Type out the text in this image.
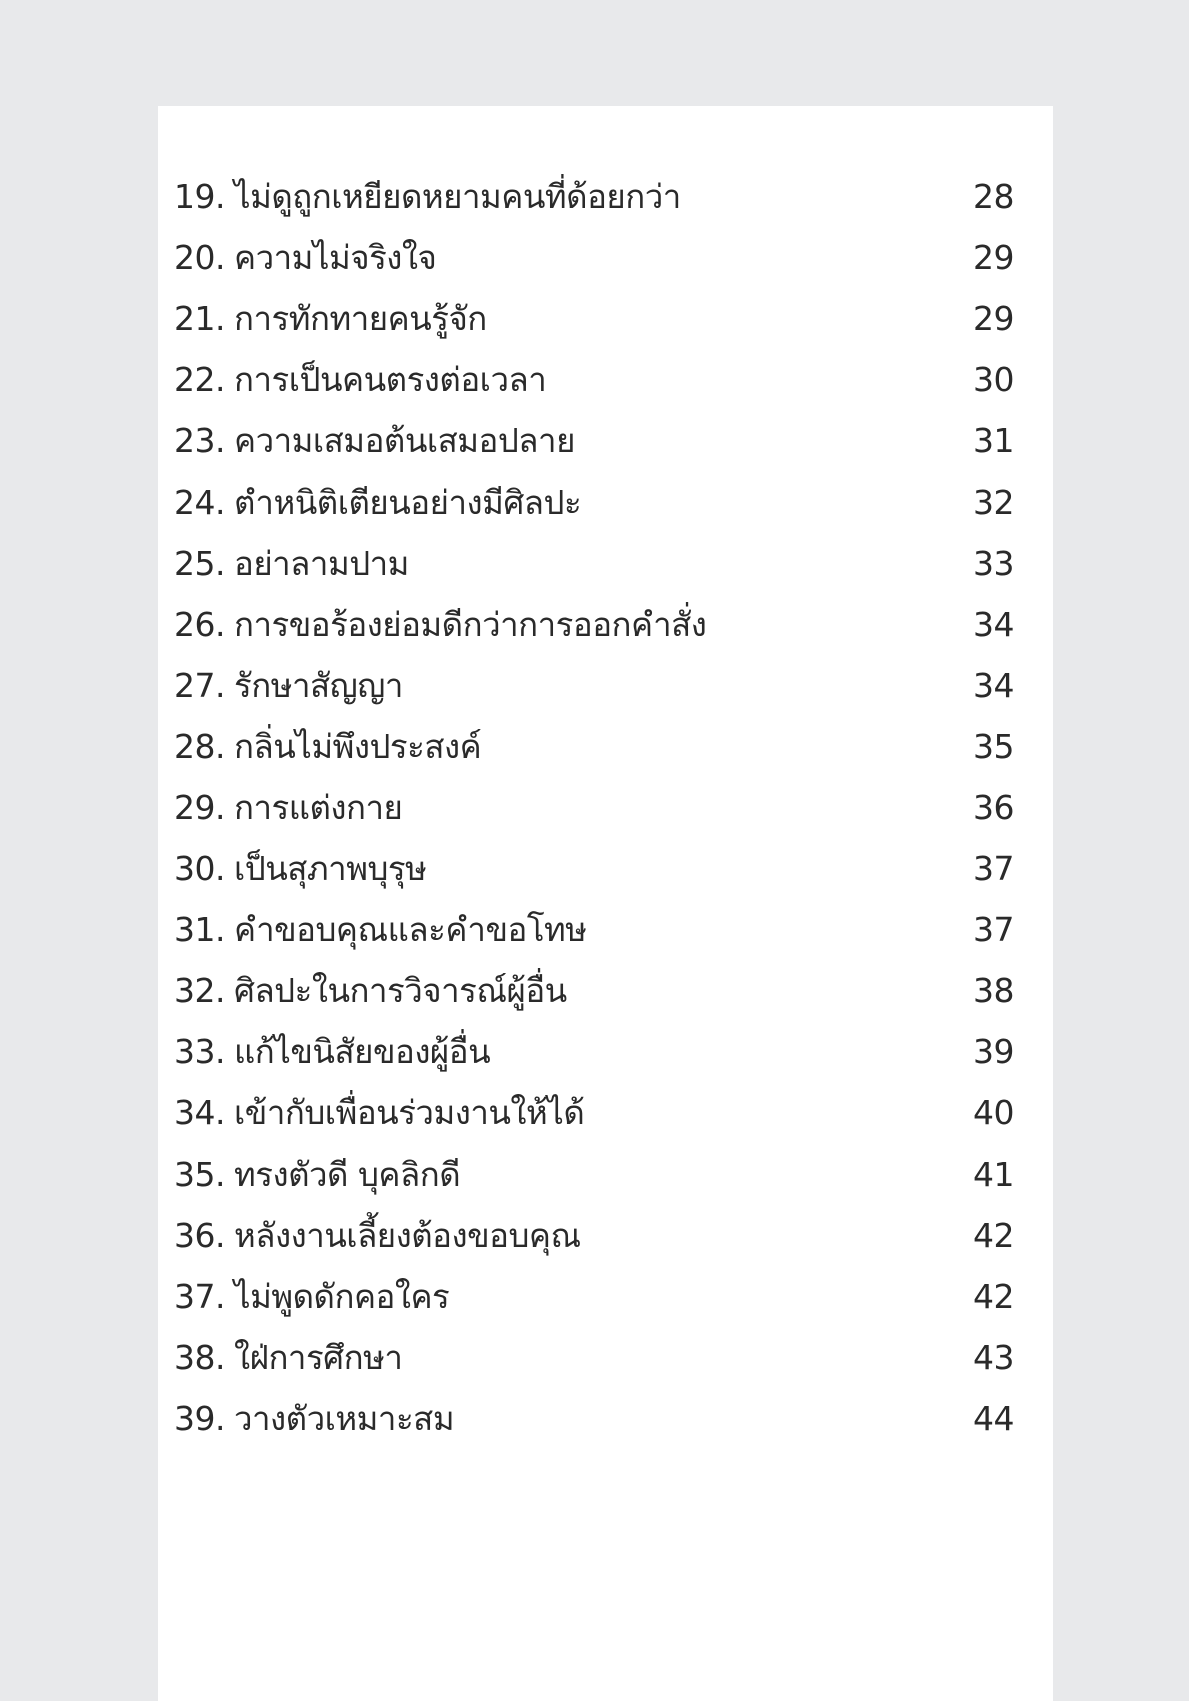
19. ไม่ดูถูกเหยียดหยามคนที่ด้อยกว่า	28
20. ความไม่จริงใจ	29
21. การทักทายคนรู้จัก	29
22. การเป็นคนตรงต่อเวลา	30
23. ความเสมอต้นเสมอปลาย	31
24. ตำหนิติเตียนอย่างมีศิลปะ	32
25. อย่าลามปาม	33
26. การขอร้องย่อมดีกว่าการออกคำสั่ง	34
27. รักษาสัญญา	34
28. กลิ่นไม่พึงประสงค์	35
29. การแต่งกาย	36
30. เป็นสุภาพบุรุษ	37
31. คำขอบคุณและคำขอโทษ	37
32. ศิลปะในการวิจารณ์ผู้อื่น	38
33. แก้ไขนิสัยของผู้อื่น	39
34. เข้ากับเพื่อนร่วมงานให้ได้	40
35. ทรงตัวดี บุคลิกดี	41
36. หลังงานเลี้ยงต้องขอบคุณ	42
37. ไม่พูดดักคอใคร	42
38. ใฝ่การศึกษา	43
39. วางตัวเหมาะสม	44
